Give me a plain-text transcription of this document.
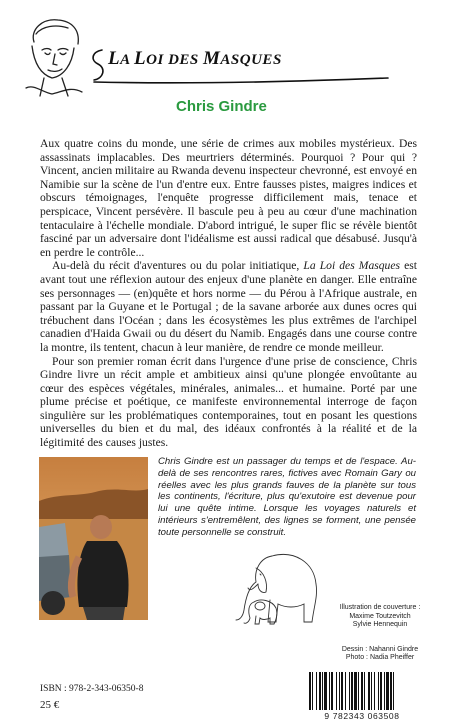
LA LOI DES MASQUES
Chris Gindre

Aux quatre coins du monde, une série de crimes aux mobiles mystérieux. Des assassinats implacables. Des meurtriers déterminés. Pourquoi ? Pour qui ? Vincent, ancien militaire au Rwanda devenu inspecteur chevronné, est envoyé en Namibie sur la scène de l'un d'entre eux. Entre fausses pistes, maigres indices et obscurs témoignages, l'enquête progresse difficilement mais, tenace et perspicace, Vincent persévère. Il bascule peu à peu au cœur d'une machination tentaculaire à l'échelle mondiale. D'abord intrigué, le super flic se révèle bientôt fasciné par un adversaire dont l'idéalisme est aussi radical que désabusé. Jusqu'à en perdre le contrôle...

Au-delà du récit d'aventures ou du polar initiatique, La Loi des Masques est avant tout une réflexion autour des enjeux d'une planète en danger. Elle entraîne ses personnages — (en)quête et hors norme — du Pérou à l'Afrique australe, en passant par la Guyane et le Portugal ; de la savane arborée aux dunes ocres qui trébuchent dans l'Océan ; dans les écosystèmes les plus extrêmes de l'archipel canadien d'Haida Gwaii ou du désert du Namib. Engagés dans une course contre la montre, ils tentent, chacun à leur manière, de rendre ce monde meilleur.

Pour son premier roman écrit dans l'urgence d'une prise de conscience, Chris Gindre livre un récit ample et ambitieux ainsi qu'une plongée envoûtante au cœur des espèces végétales, minérales, animales... et humaine. Porté par une plume précise et poétique, ce manifeste environnemental interroge de façon singulière sur les problématiques contemporaines, tout en posant les questions universelles du bien et du mal, des idéaux confrontés à la réalité et de la légitimité des causes justes.

Chris Gindre est un passager du temps et de l'espace. Au-delà de ses rencontres rares, fictives avec Romain Gary ou réelles avec les plus grands fauves de la planète sur tous les continents, l'écriture, plus qu'exutoire est devenue pour lui une quête intime. Lorsque les voyages naturels et intérieurs s'entremêlent, des lignes se forment, une pensée toute personnelle se construit.
Illustration de couverture :
Maxime Toutzevitch
Sylvie Hennequin
Dessin : Nahanni Gindre
Photo : Nadia Pheiffer
ISBN : 978-2-343-06350-8
25 €
9 782343 063508
